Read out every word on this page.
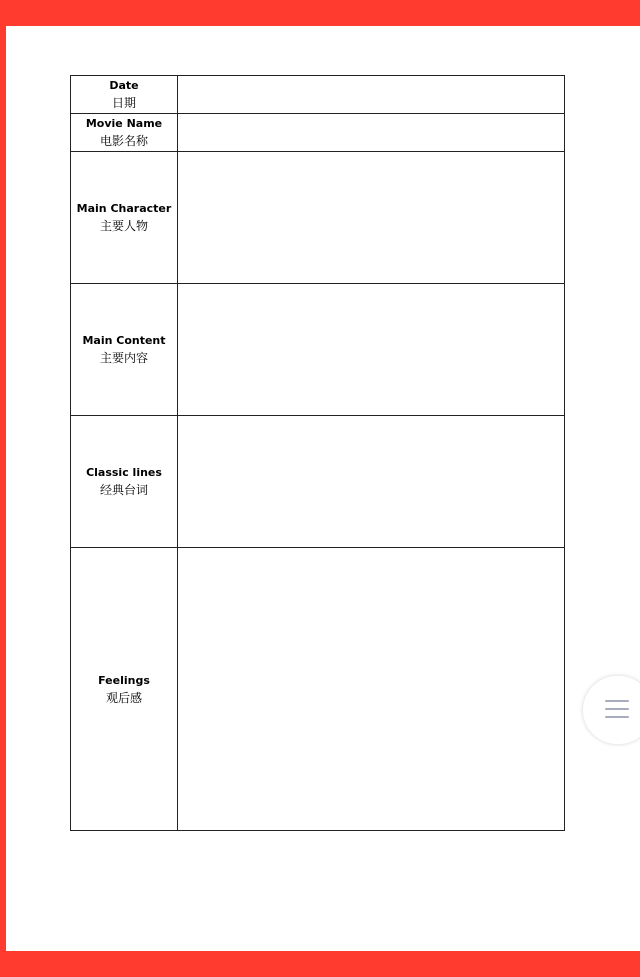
Date
日期	

Movie Name
电影名称	

Main Character
主要人物	

Main Content
主要内容	

Classic lines
经典台词	

Feelings
观后感	
